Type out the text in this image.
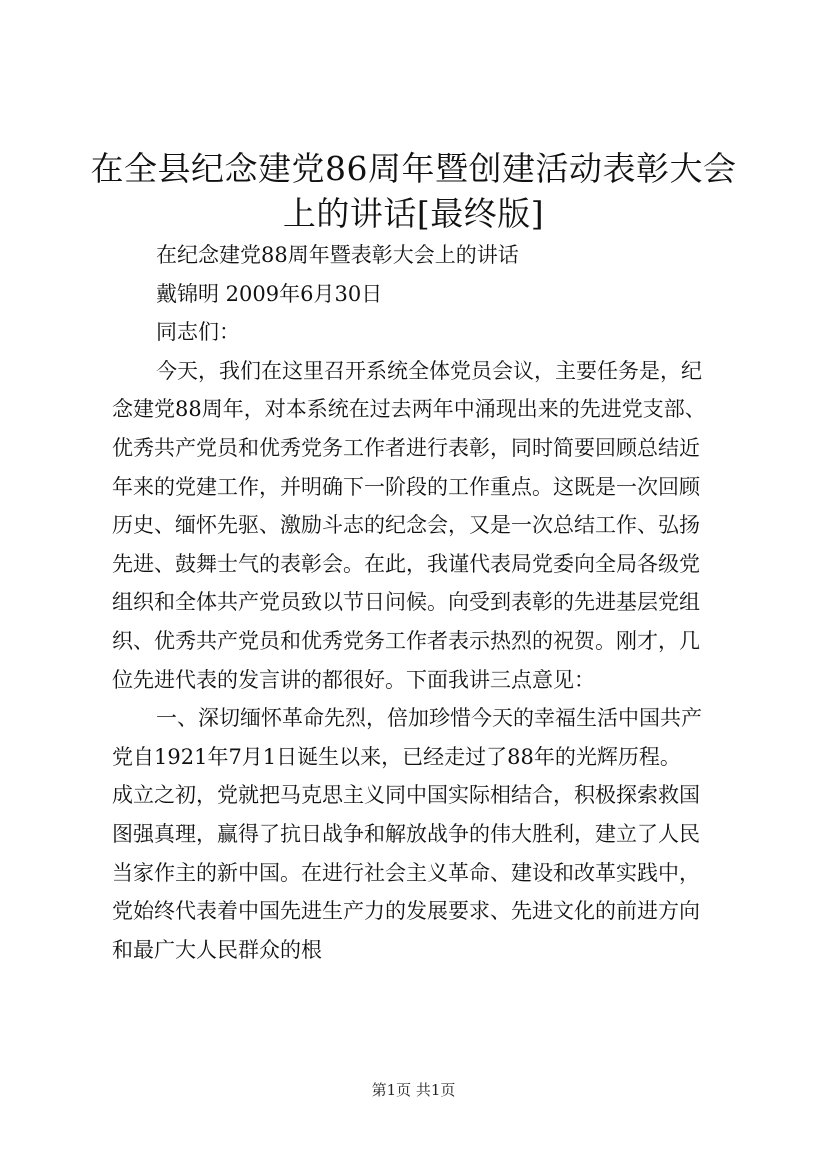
在全县纪念建党86周年暨创建活动表彰大会
上的讲话[最终版]
在纪念建党88周年暨表彰大会上的讲话
戴锦明 2009年6月30日
同志们：
今天，我们在这里召开系统全体党员会议，主要任务是，纪
念建党88周年，对本系统在过去两年中涌现出来的先进党支部、
优秀共产党员和优秀党务工作者进行表彰，同时简要回顾总结近
年来的党建工作，并明确下一阶段的工作重点。这既是一次回顾
历史、缅怀先驱、激励斗志的纪念会，又是一次总结工作、弘扬
先进、鼓舞士气的表彰会。在此，我谨代表局党委向全局各级党
组织和全体共产党员致以节日问候。向受到表彰的先进基层党组
织、优秀共产党员和优秀党务工作者表示热烈的祝贺。刚才，几
位先进代表的发言讲的都很好。下面我讲三点意见：
一、深切缅怀革命先烈，倍加珍惜今天的幸福生活中国共产
党自1921年7月1日诞生以来，已经走过了88年的光辉历程。
成立之初，党就把马克思主义同中国实际相结合，积极探索救国
图强真理，赢得了抗日战争和解放战争的伟大胜利，建立了人民
当家作主的新中国。在进行社会主义革命、建设和改革实践中，
党始终代表着中国先进生产力的发展要求、先进文化的前进方向
和最广大人民群众的根
第1页 共1页
